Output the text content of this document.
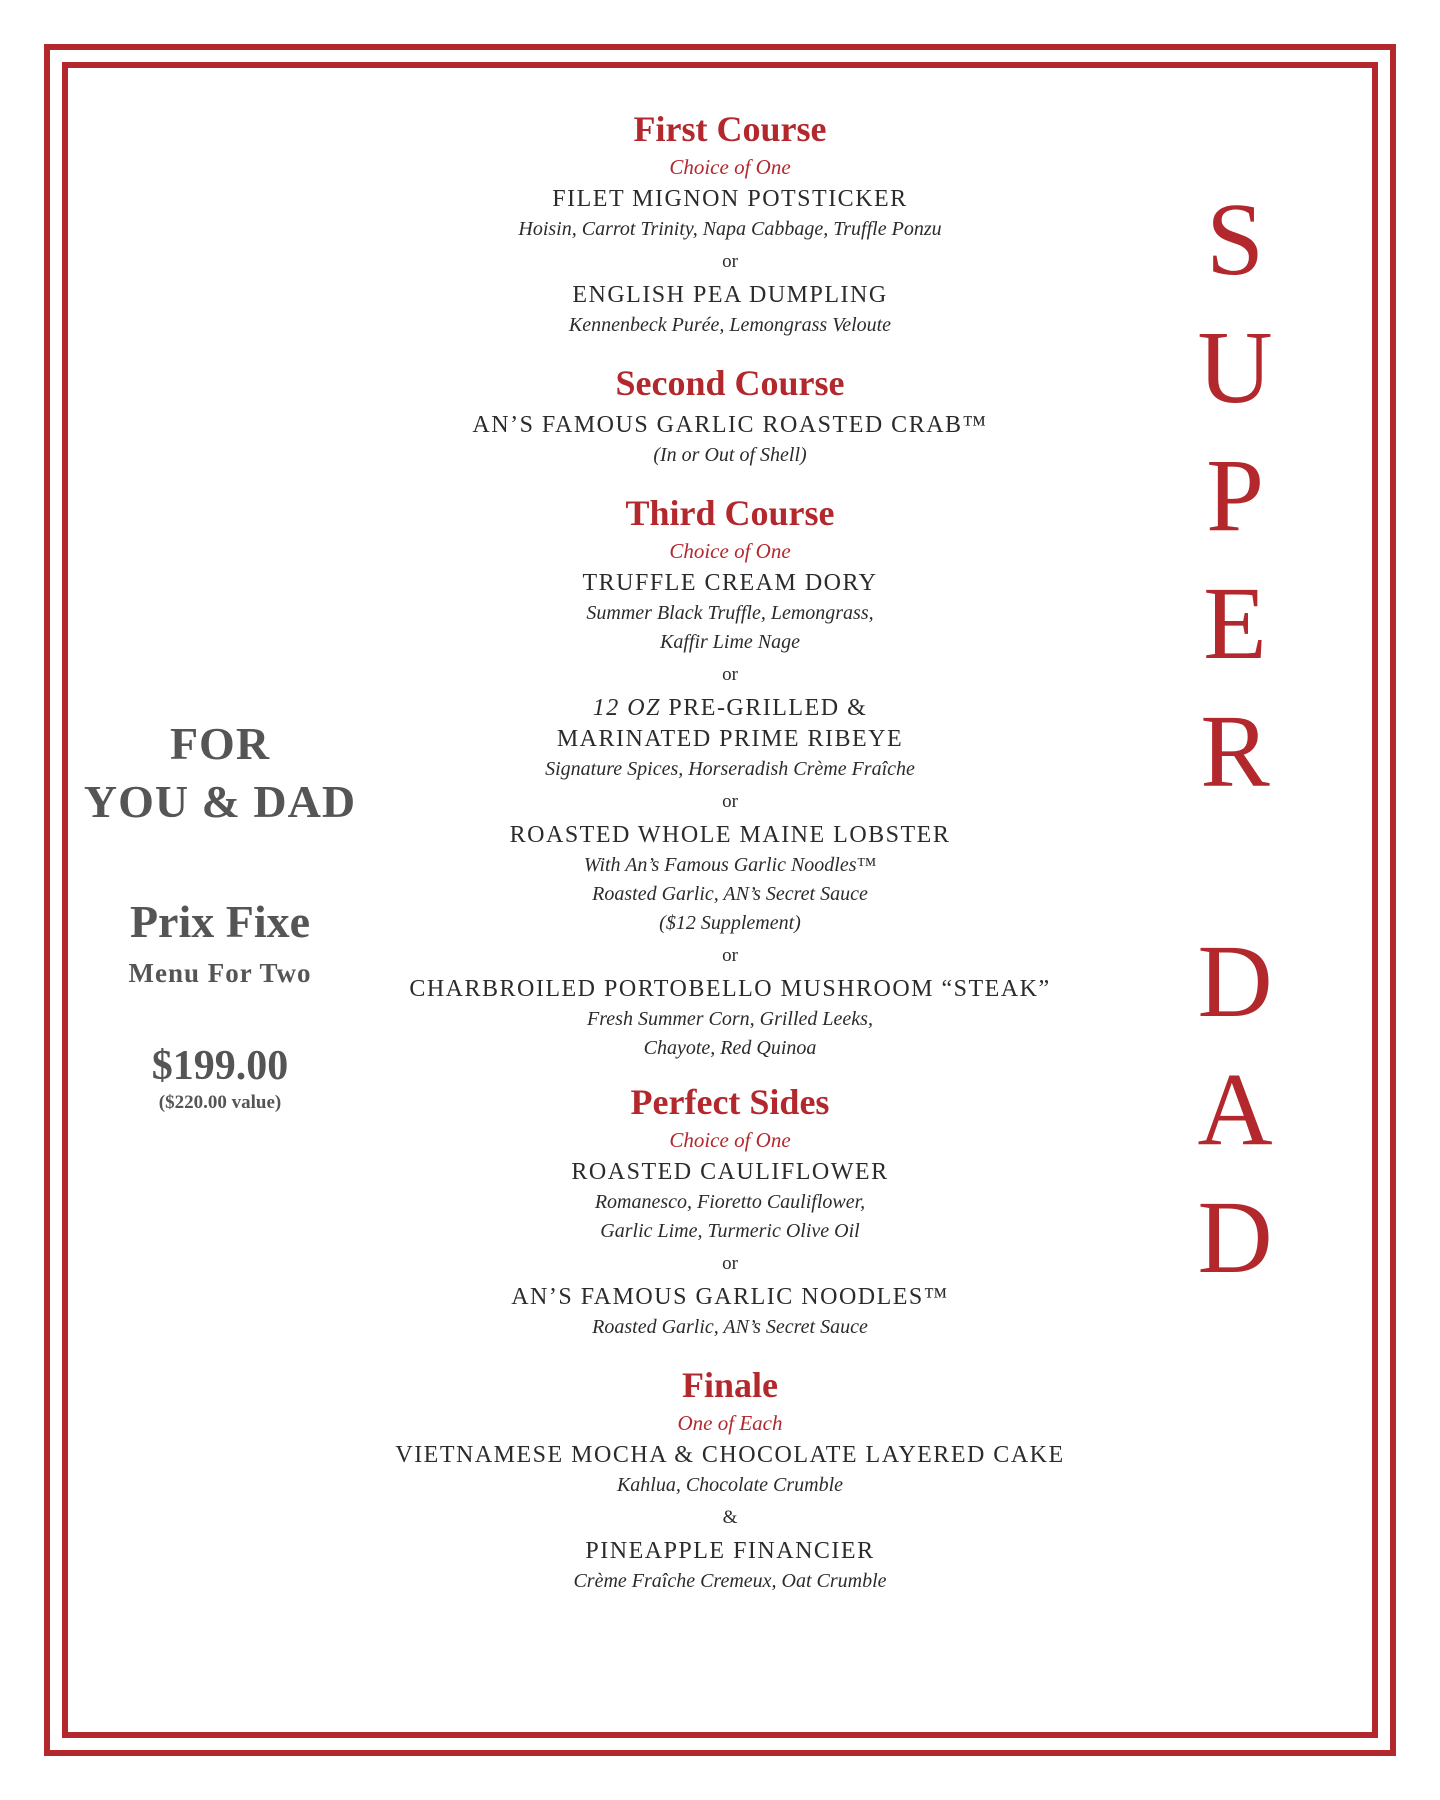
First Course

Choice of One

FILET MIGNON POTSTICKER

Hoisin, Carrot Trinity, Napa Cabbage, Truffle Ponzu

or

ENGLISH PEA DUMPLING

Kennenbeck Purée, Lemongrass Veloute

Second Course

AN’S FAMOUS GARLIC ROASTED CRAB™

(In or Out of Shell)

Third Course

Choice of One

TRUFFLE CREAM DORY

Summer Black Truffle, Lemongrass,

Kaffir Lime Nage

or

12 OZ PRE-GRILLED &

MARINATED PRIME RIBEYE

Signature Spices, Horseradish Crème Fraîche

or

ROASTED WHOLE MAINE LOBSTER

With An’s Famous Garlic Noodles™

Roasted Garlic, AN’s Secret Sauce

($12 Supplement)

or

CHARBROILED PORTOBELLO MUSHROOM “STEAK”

Fresh Summer Corn, Grilled Leeks,

Chayote, Red Quinoa

Perfect Sides

Choice of One

ROASTED CAULIFLOWER

Romanesco, Fioretto Cauliflower,

Garlic Lime, Turmeric Olive Oil

or

AN’S FAMOUS GARLIC NOODLES™

Roasted Garlic, AN’s Secret Sauce

Finale

One of Each

VIETNAMESE MOCHA & CHOCOLATE LAYERED CAKE

Kahlua, Chocolate Crumble

&

PINEAPPLE FINANCIER

Crème Fraîche Cremeux, Oat Crumble

FOR

YOU & DAD

Prix Fixe

Menu For Two

$199.00

($220.00 value)

S
U
P
E
R
D
A
D
